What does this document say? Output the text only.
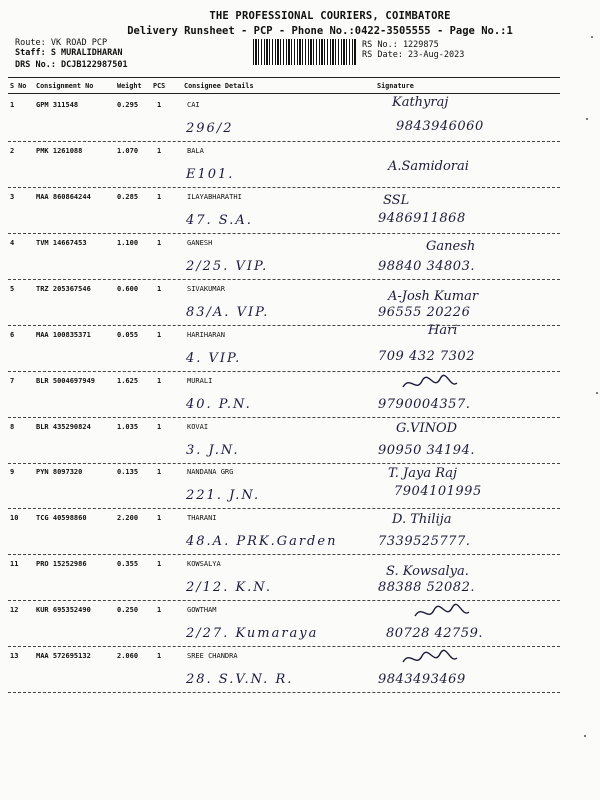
THE PROFESSIONAL COURIERS, COIMBATORE
Delivery Runsheet - PCP - Phone No.:0422-3505555 - Page No.:1
Route: VK ROAD PCP
Staff: S MURALIDHARAN
DRS No.: DCJB122987501
RS No.: 1229875
RS Date: 23-Aug-2023
S No Consignment No	Weight PCS	Consignee Details	Signature
1	GPM 311548	0.295	1	CAI
296/2
Kathyraj
9843946060
2	PMK 1261088	1.070	1	BALA
E101.
A.Samidorai
3	MAA 860864244	0.285	1	ILAYABHARATHI
47. S.A.
SSL
9486911868
4	TVM 14667453	1.100	1	GANESH
2/25. VIP.
Ganesh
98840 34803.
5	TRZ 205367546	0.600	1	SIVAKUMAR
83/A. VIP.
A-Josh Kumar
96555 20226
6	MAA 100835371	0.055	1	HARIHARAN
4. VIP.
Hari
709 432 7302
7	BLR 5004697949	1.625	1	MURALI
40. P.N.	9790004357.
8	BLR 435290824	1.035	1	KOVAI
3. J.N.
G.VINOD
90950 34194.
9	PYN 8097320	0.135	1	NANDANA GRG
221. J.N.
T. Jaya Raj
7904101995
10	TCG 40598860	2.200	1	THARANI
48.A. PRK.Garden
D. Thilija
7339525777.
11	PRO 15252986	0.355	1	KOWSALYA
2/12. K.N.
S. Kowsalya.
88388 52082.
12	KUR 695352490	0.250	1	GOWTHAM
2/27. Kumaraya	80728 42759.
13	MAA 572695132	2.060	1	SREE CHANDRA
28. S.V.N. R.	9843493469
